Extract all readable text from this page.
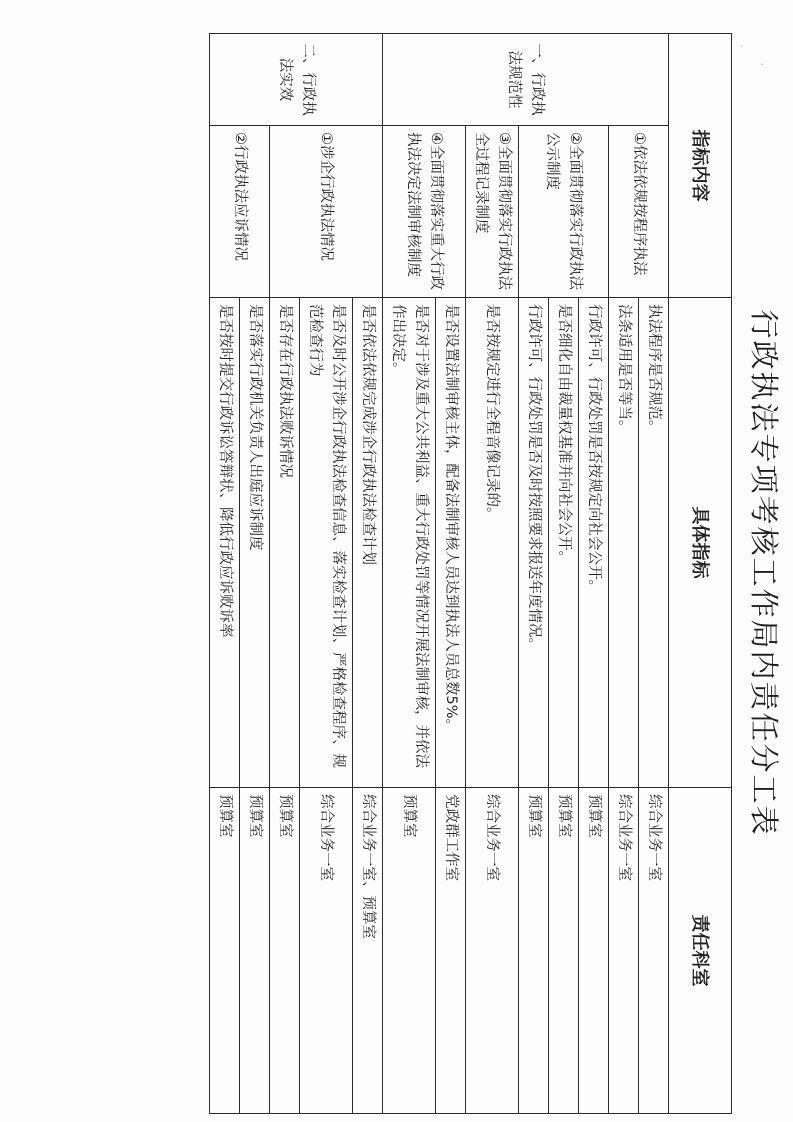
行政执法专项考核工作局内责任分工表
指标内容		具体指标	责任科室
一、行政执法规范性	①依法依规按程序执法	执法程序是否规范。	综合业务一室
		法条适用是否等当。	综合业务一室
	②全面贯彻落实行政执法公示制度	行政许可、行政处罚是否按规定向社会公开。	预算室
		是否细化自由裁量权基准并向社会公开。	预算室
		行政许可、行政处罚是否及时按照要求报送年度情况。	预算室
	③全面贯彻落实行政执法全过程记录制度	是否按规定进行全程音像记录的。	综合业务一室
	④全面贯彻落实重大行政执法决定法制审核制度	是否设置法制审核主体，配备法制审核人员达到执法人员总数5%。	党政群工作室
		是否对于涉及重大公共利益、重大行政处罚等情况开展法制审核，并依法作出决定。	预算室
二、行政执法实效	①涉企行政执法情况	是否依法依规完成涉企行政执法检查计划	综合业务一室、预算室
		是否及时公开涉企行政执法检查信息、落实检查计划、严格检查程序、规范检查行为	综合业务一室
		是否存在行政执法败诉情况	预算室
	②行政执法应诉情况	是否落实行政机关负责人出庭应诉制度	预算室
		是否按时提交行政诉讼答辩状、降低行政应诉败诉率	预算室
·
·
